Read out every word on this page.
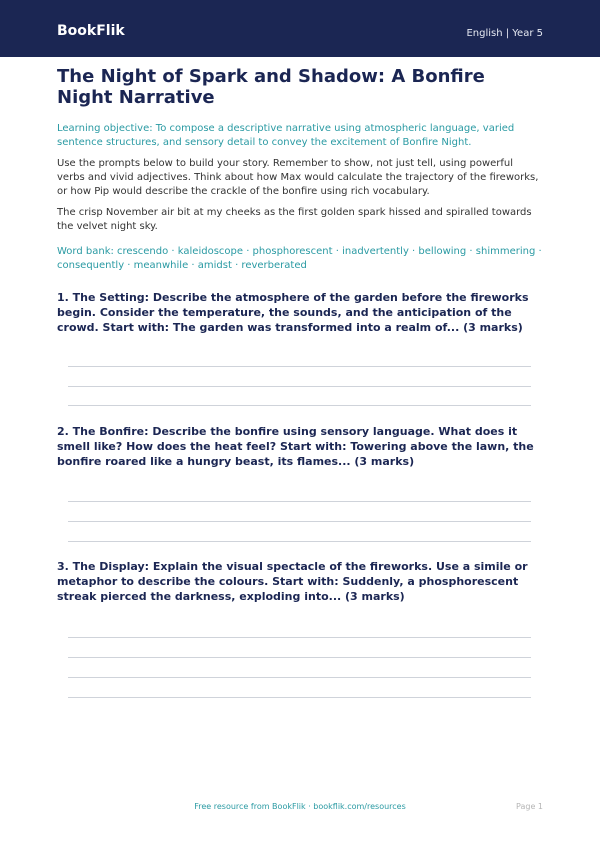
BookFlik	English | Year 5
The Night of Spark and Shadow: A Bonfire Night Narrative

Learning objective: To compose a descriptive narrative using atmospheric language, varied sentence structures, and sensory detail to convey the excitement of Bonfire Night.

Use the prompts below to build your story. Remember to show, not just tell, using powerful verbs and vivid adjectives. Think about how Max would calculate the trajectory of the fireworks, or how Pip would describe the crackle of the bonfire using rich vocabulary.

The crisp November air bit at my cheeks as the first golden spark hissed and spiralled towards the velvet night sky.

Word bank: crescendo · kaleidoscope · phosphorescent · inadvertently · bellowing · shimmering · consequently · meanwhile · amidst · reverberated

1. The Setting: Describe the atmosphere of the garden before the fireworks begin. Consider the temperature, the sounds, and the anticipation of the crowd. Start with: The garden was transformed into a realm of... (3 marks)

2. The Bonfire: Describe the bonfire using sensory language. What does it smell like? How does the heat feel? Start with: Towering above the lawn, the bonfire roared like a hungry beast, its flames... (3 marks)

3. The Display: Explain the visual spectacle of the fireworks. Use a simile or metaphor to describe the colours. Start with: Suddenly, a phosphorescent streak pierced the darkness, exploding into... (3 marks)

Free resource from BookFlik · bookflik.com/resources	Page 1
